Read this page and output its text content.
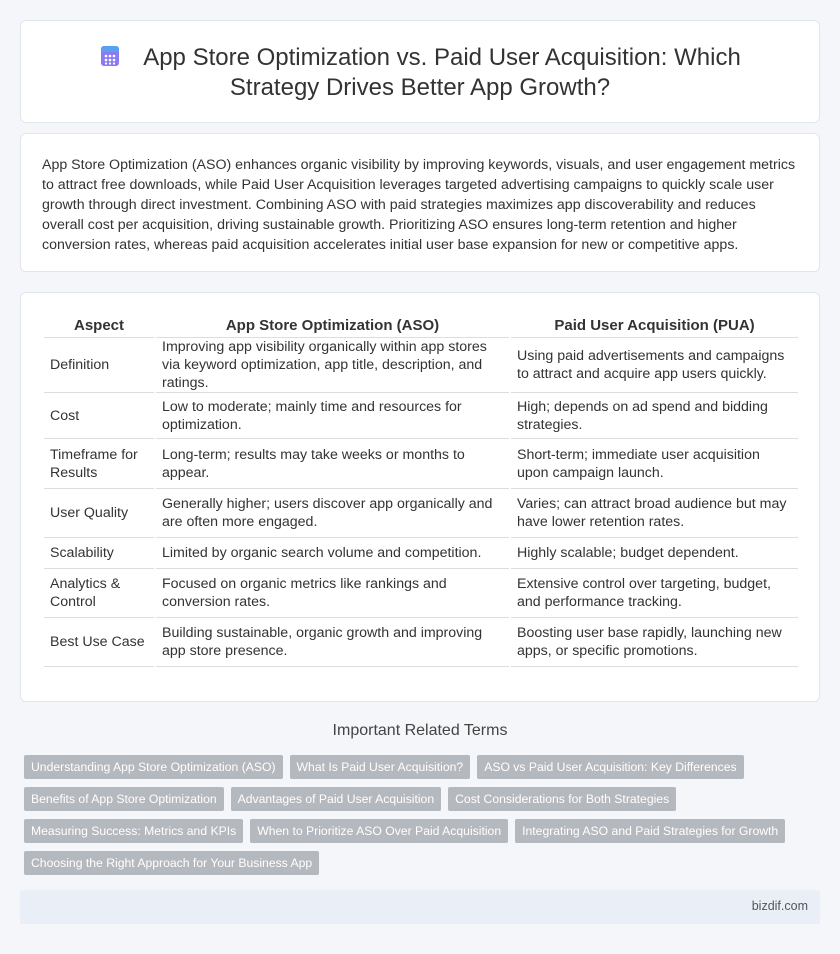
App Store Optimization vs. Paid User Acquisition: Which Strategy Drives Better App Growth?

App Store Optimization (ASO) enhances organic visibility by improving keywords, visuals, and user engagement metrics to attract free downloads, while Paid User Acquisition leverages targeted advertising campaigns to quickly scale user growth through direct investment. Combining ASO with paid strategies maximizes app discoverability and reduces overall cost per acquisition, driving sustainable growth. Prioritizing ASO ensures long-term retention and higher conversion rates, whereas paid acquisition accelerates initial user base expansion for new or competitive apps.

Aspect	App Store Optimization (ASO)	Paid User Acquisition (PUA)
Definition	Improving app visibility organically within app stores via keyword optimization, app title, description, and ratings.	Using paid advertisements and campaigns to attract and acquire app users quickly.
Cost	Low to moderate; mainly time and resources for optimization.	High; depends on ad spend and bidding strategies.
Timeframe for Results	Long-term; results may take weeks or months to appear.	Short-term; immediate user acquisition upon campaign launch.
User Quality	Generally higher; users discover app organically and are often more engaged.	Varies; can attract broad audience but may have lower retention rates.
Scalability	Limited by organic search volume and competition.	Highly scalable; budget dependent.
Analytics & Control	Focused on organic metrics like rankings and conversion rates.	Extensive control over targeting, budget, and performance tracking.
Best Use Case	Building sustainable, organic growth and improving app store presence.	Boosting user base rapidly, launching new apps, or specific promotions.
Important Related Terms
Understanding App Store Optimization (ASO)	What Is Paid User Acquisition?	ASO vs Paid User Acquisition: Key Differences
Benefits of App Store Optimization	Advantages of Paid User Acquisition	Cost Considerations for Both Strategies
Measuring Success: Metrics and KPIs	When to Prioritize ASO Over Paid Acquisition	Integrating ASO and Paid Strategies for Growth
Choosing the Right Approach for Your Business App
bizdif.com
